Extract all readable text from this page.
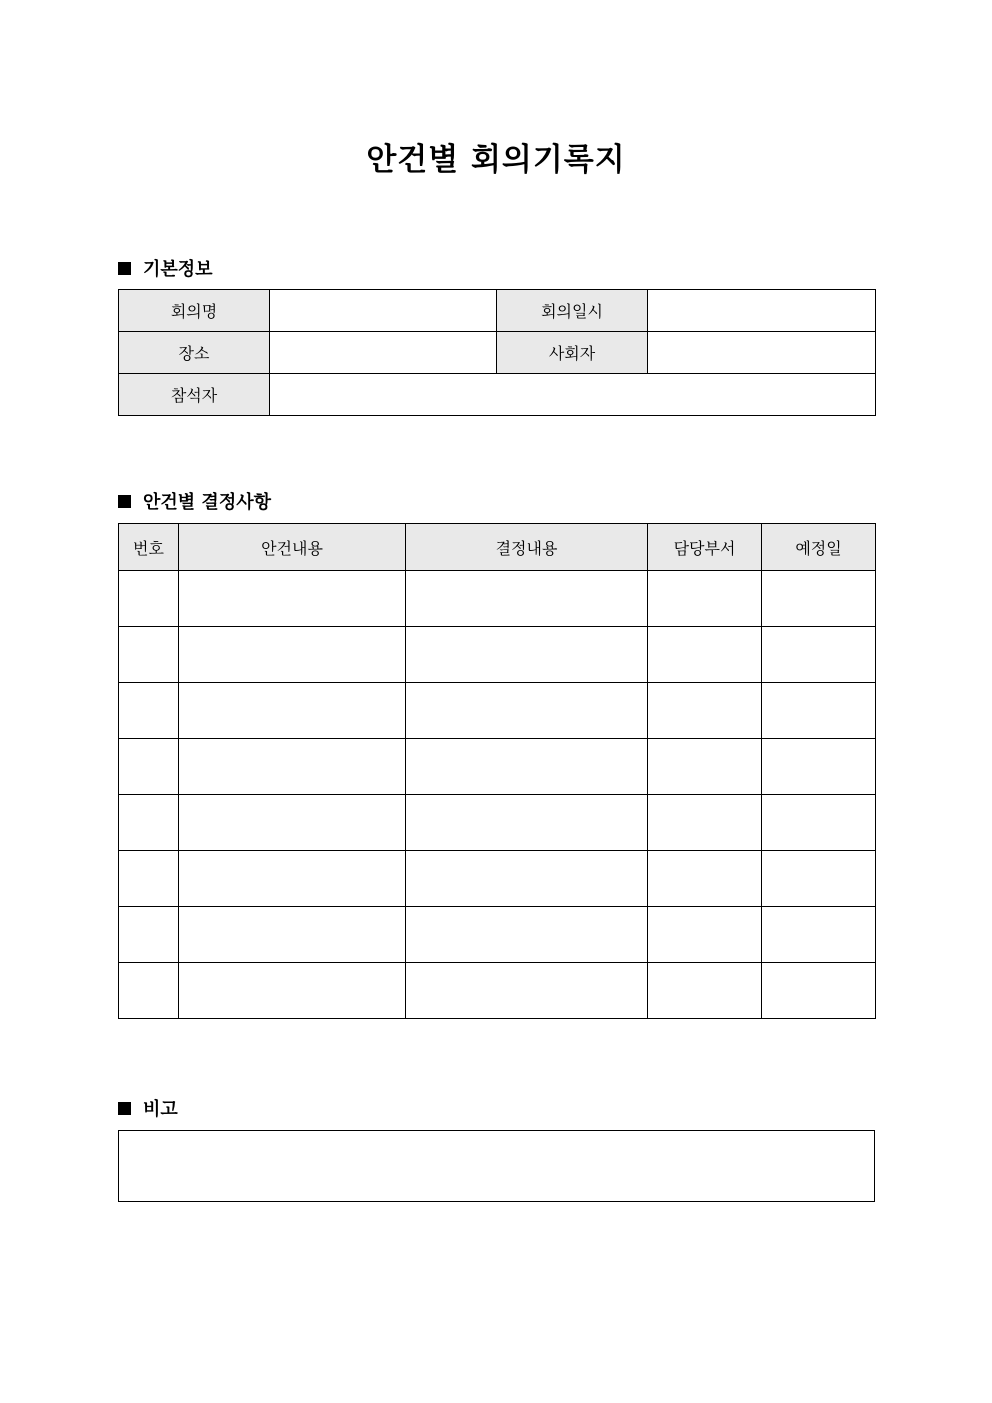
안건별 회의기록지
기본정보
회의명		회의일시	
장소		사회자	
참석자			
안건별 결정사항
번호	안건내용	결정내용	담당부서	예정일

비고
